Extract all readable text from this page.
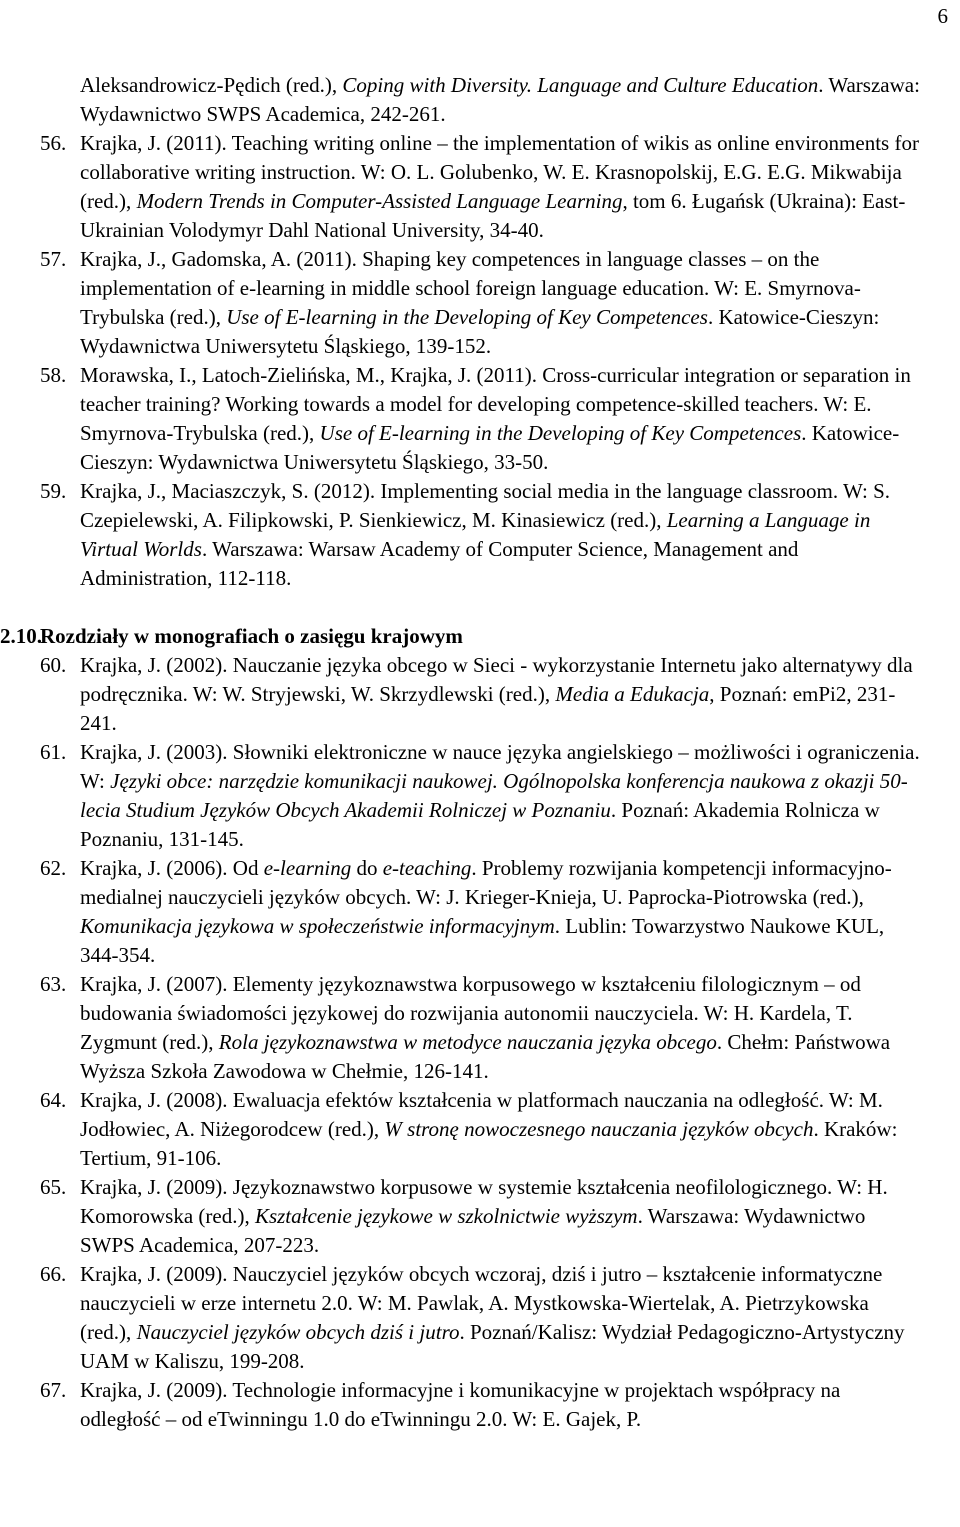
6
Aleksandrowicz-Pędich (red.), Coping with Diversity. Language and Culture Education. Warszawa: Wydawnictwo SWPS Academica, 242-261.
56. Krajka, J. (2011). Teaching writing online – the implementation of wikis as online environments for collaborative writing instruction. W: O. L. Golubenko, W. E. Krasnopolskij, E.G. E.G. Mikwabija (red.), Modern Trends in Computer-Assisted Language Learning, tom 6. Ługańsk (Ukraina): East-Ukrainian Volodymyr Dahl National University, 34-40.
57. Krajka, J., Gadomska, A. (2011). Shaping key competences in language classes – on the implementation of e-learning in middle school foreign language education. W: E. Smyrnova-Trybulska (red.), Use of E-learning in the Developing of Key Competences. Katowice-Cieszyn: Wydawnictwa Uniwersytetu Śląskiego, 139-152.
58. Morawska, I., Latoch-Zielińska, M., Krajka, J. (2011). Cross-curricular integration or separation in teacher training? Working towards a model for developing competence-skilled teachers. W: E. Smyrnova-Trybulska (red.), Use of E-learning in the Developing of Key Competences. Katowice-Cieszyn: Wydawnictwa Uniwersytetu Śląskiego, 33-50.
59. Krajka, J., Maciaszczyk, S. (2012). Implementing social media in the language classroom. W: S. Czepielewski, A. Filipkowski, P. Sienkiewicz, M. Kinasiewicz (red.), Learning a Language in Virtual Worlds. Warszawa: Warsaw Academy of Computer Science, Management and Administration, 112-118.
2.10.
Rozdziały w monografiach o zasięgu krajowym
60. Krajka, J. (2002). Nauczanie języka obcego w Sieci - wykorzystanie Internetu jako alternatywy dla podręcznika. W: W. Stryjewski, W. Skrzydlewski (red.), Media a Edukacja, Poznań: emPi2, 231-241.
61. Krajka, J. (2003). Słowniki elektroniczne w nauce języka angielskiego – możliwości i ograniczenia. W: Języki obce: narzędzie komunikacji naukowej. Ogólnopolska konferencja naukowa z okazji 50-lecia Studium Języków Obcych Akademii Rolniczej w Poznaniu. Poznań: Akademia Rolnicza w Poznaniu, 131-145.
62. Krajka, J. (2006). Od e-learning do e-teaching. Problemy rozwijania kompetencji informacyjno-medialnej nauczycieli języków obcych. W: J. Krieger-Knieja, U. Paprocka-Piotrowska (red.), Komunikacja językowa w społeczeństwie informacyjnym. Lublin: Towarzystwo Naukowe KUL, 344-354.
63. Krajka, J. (2007). Elementy językoznawstwa korpusowego w kształceniu filologicznym – od budowania świadomości językowej do rozwijania autonomii nauczyciela. W: H. Kardela, T. Zygmunt (red.), Rola językoznawstwa w metodyce nauczania języka obcego. Chełm: Państwowa Wyższa Szkoła Zawodowa w Chełmie, 126-141.
64. Krajka, J. (2008). Ewaluacja efektów kształcenia w platformach nauczania na odległość. W: M. Jodłowiec, A. Niżegorodcew (red.), W stronę nowoczesnego nauczania języków obcych. Kraków: Tertium, 91-106.
65. Krajka, J. (2009). Językoznawstwo korpusowe w systemie kształcenia neofilologicznego. W: H. Komorowska (red.), Kształcenie językowe w szkolnictwie wyższym. Warszawa: Wydawnictwo SWPS Academica, 207-223.
66. Krajka, J. (2009). Nauczyciel języków obcych wczoraj, dziś i jutro – kształcenie informatyczne nauczycieli w erze internetu 2.0. W: M. Pawlak, A. Mystkowska-Wiertelak, A. Pietrzykowska (red.), Nauczyciel języków obcych dziś i jutro. Poznań/Kalisz: Wydział Pedagogiczno-Artystyczny UAM w Kaliszu, 199-208.
67. Krajka, J. (2009). Technologie informacyjne i komunikacyjne w projektach współpracy na odległość – od eTwinningu 1.0 do eTwinningu 2.0. W: E. Gajek, P.
